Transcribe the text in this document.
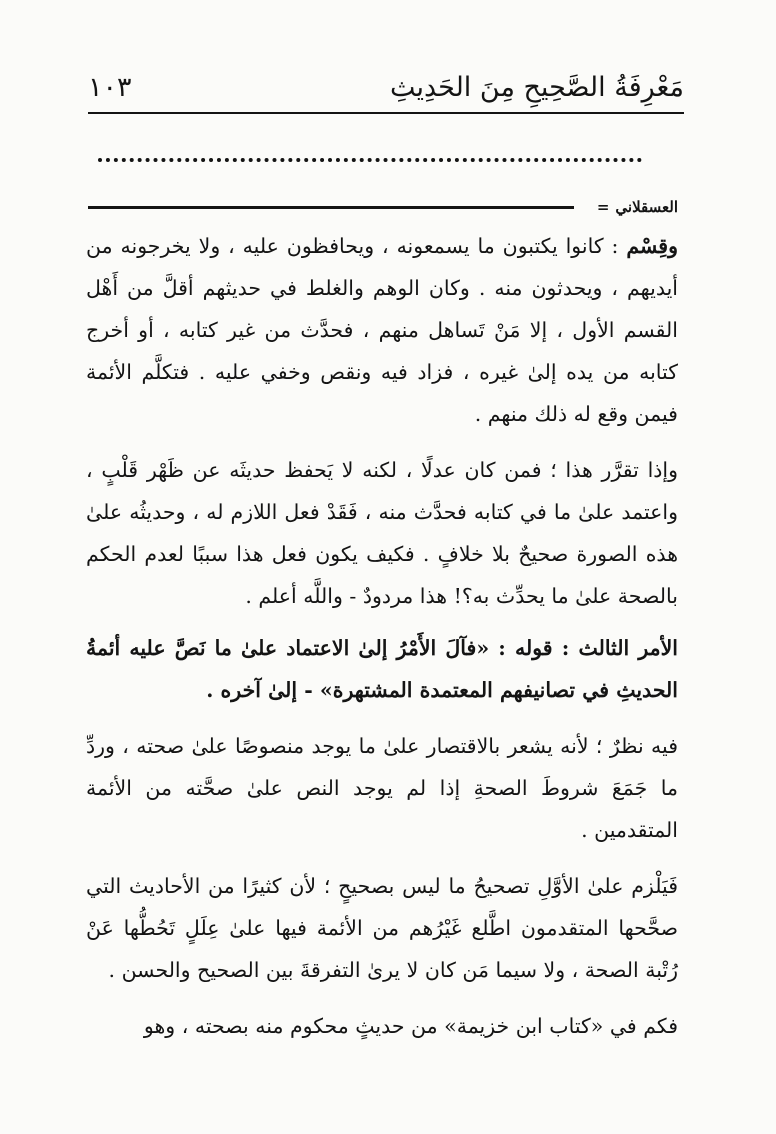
مَعْرِفَةُ الصَّحِيحِ مِنَ الحَدِيثِ
١٠٣
العسقلاني
=

وقِسْم : كانوا يكتبون ما يسمعونه ، ويحافظون عليه ، ولا يخرجونه من أيديهم ، ويحدثون منه . وكان الوهم والغلط في حديثهم أقلَّ من أَهْل القسم الأول ، إلا مَنْ تَساهل منهم ، فحدَّث من غير كتابه ، أو أخرج كتابه من يده إلىٰ غيره ، فزاد فيه ونقص وخفي عليه . فتكلَّم الأئمة فيمن وقع له ذلك منهم .

وإذا تقرَّر هذا ؛ فمن كان عدلًا ، لكنه لا يَحفظ حديثَه عن ظَهْر قَلْبٍ ، واعتمد علىٰ ما في كتابه فحدَّث منه ، فَقَدْ فعل اللازم له ، وحديثُه علىٰ هذه الصورة صحيحٌ بلا خلافٍ . فكيف يكون فعل هذا سببًا لعدم الحكم بالصحة علىٰ ما يحدِّث به؟! هذا مردودٌ - واللَّه أعلم .

الأمر الثالث : قوله : «فآلَ الأَمْرُ إلىٰ الاعتماد علىٰ ما نَصَّ عليه أئمةُ الحديثِ في تصانيفهم المعتمدة المشتهرة» - إلىٰ آخره .

فيه نظرٌ ؛ لأنه يشعر بالاقتصار علىٰ ما يوجد منصوصًا علىٰ صحته ، وردِّ ما جَمَعَ شروطَ الصحةِ إذا لم يوجد النص علىٰ صحَّته من الأئمة المتقدمين .

فَيَلْزم علىٰ الأوَّلِ تصحيحُ ما ليس بصحيحٍ ؛ لأن كثيرًا من الأحاديث التي صحَّحها المتقدمون اطَّلع غَيْرُهم من الأئمة فيها علىٰ عِلَلٍ تَحُطُّها عَنْ رُتْبة الصحة ، ولا سيما مَن كان لا يرىٰ التفرقةَ بين الصحيح والحسن .

فكم في «كتاب ابن خزيمة» من حديثٍ محكوم منه بصحته ، وهو
